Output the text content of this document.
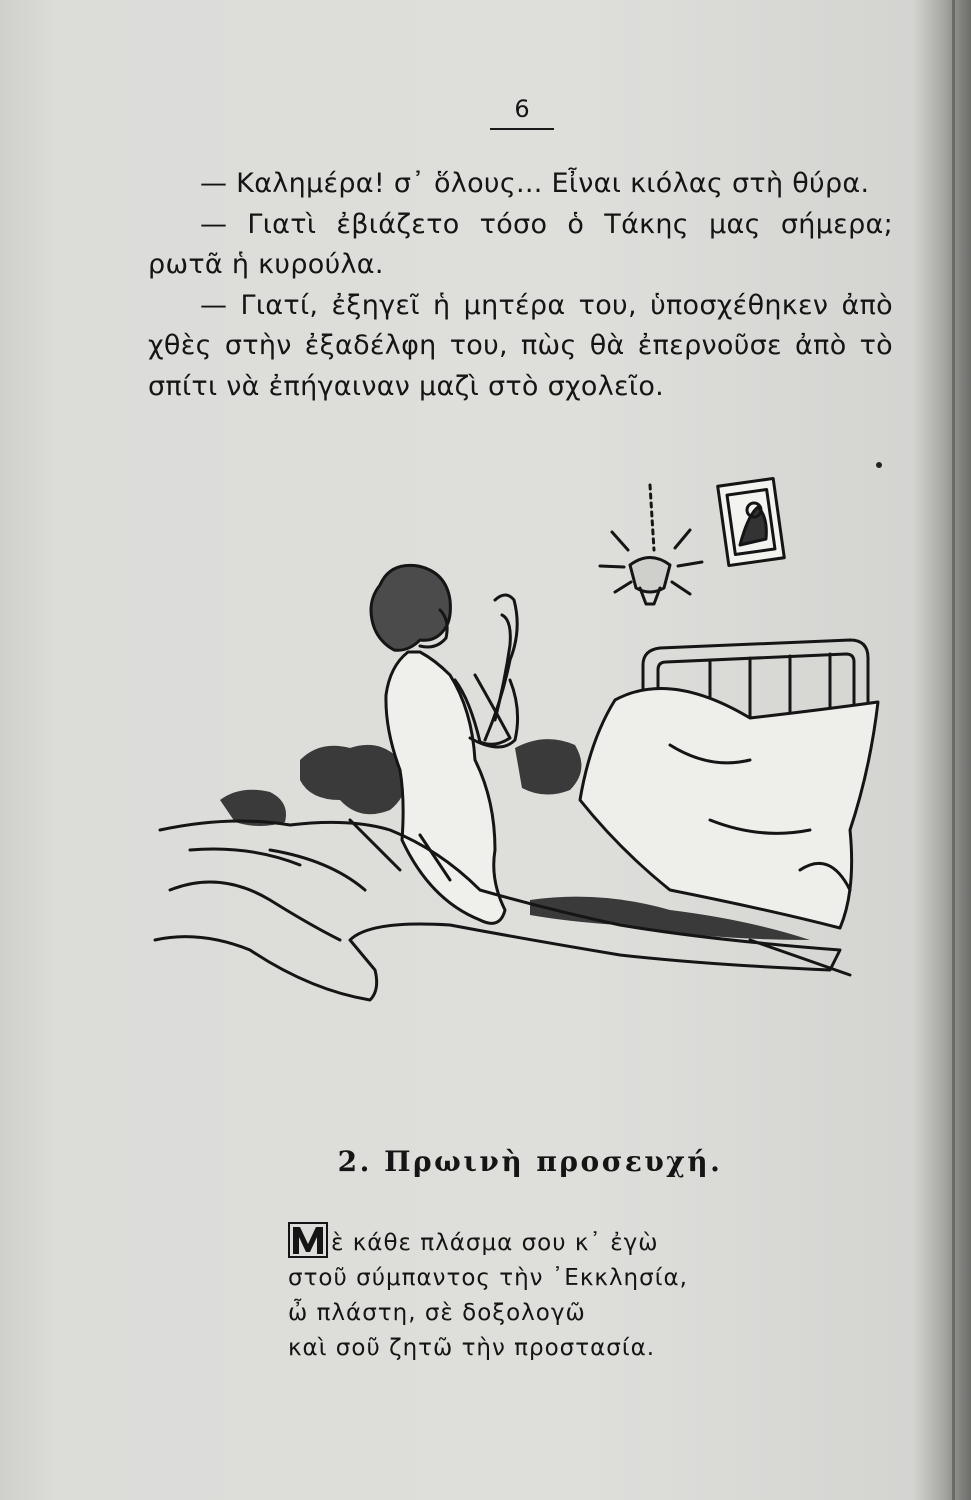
6

— Καλημέρα! σ᾽ ὅλους... Εἶναι κιόλας στὴ θύρα.

— Γιατὶ ἐβιάζετο τόσο ὁ Τάκης μας σήμερα; ρωτᾶ ἡ κυρούλα.

— Γιατί, ἐξηγεῖ ἡ μητέρα του, ὑποσχέθηκεν ἀπὸ χθὲς στὴν ἐξαδέλφη του, πὼς θὰ ἐπερνοῦσε ἀπὸ τὸ σπίτι νὰ ἐπήγαιναν μαζὶ στὸ σχολεῖο.

2. Πρωινὴ προσευχή.
ὲ κάθε πλάσμα σου κ᾽ ἐγὼ
στοῦ σύμπαντος τὴν ᾽Εκκλησία,
ὦ πλάστη, σὲ δοξολογῶ
καὶ σοῦ ζητῶ τὴν προστασία.
